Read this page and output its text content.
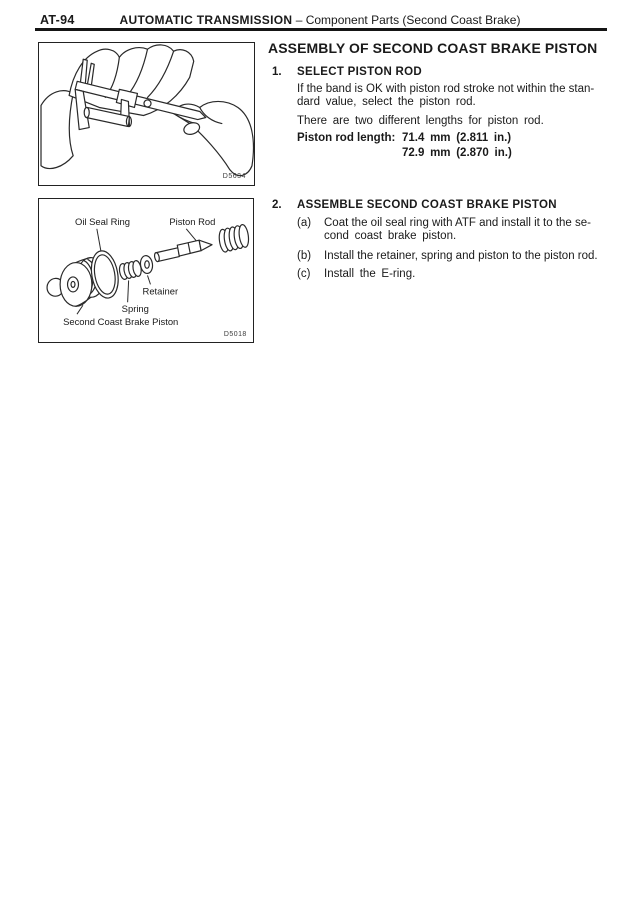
AT-94	AUTOMATIC TRANSMISSION – Component Parts (Second Coast Brake)
D5634
Oil Seal Ring	Piston Rod
Retainer
Spring
Second Coast Brake Piston
D5018
ASSEMBLY OF SECOND COAST BRAKE PISTON
1. SELECT PISTON ROD
If the band is OK with piston rod stroke not within the stan-
dard value, select the piston rod.
There are two different lengths for piston rod.
Piston rod length: 71.4 mm (2.811 in.)
72.9 mm (2.870 in.)
2. ASSEMBLE SECOND COAST BRAKE PISTON
(a) Coat the oil seal ring with ATF and install it to the se-
cond coast brake piston.
(b) Install the retainer, spring and piston to the piston rod.
(c) Install the E-ring.
